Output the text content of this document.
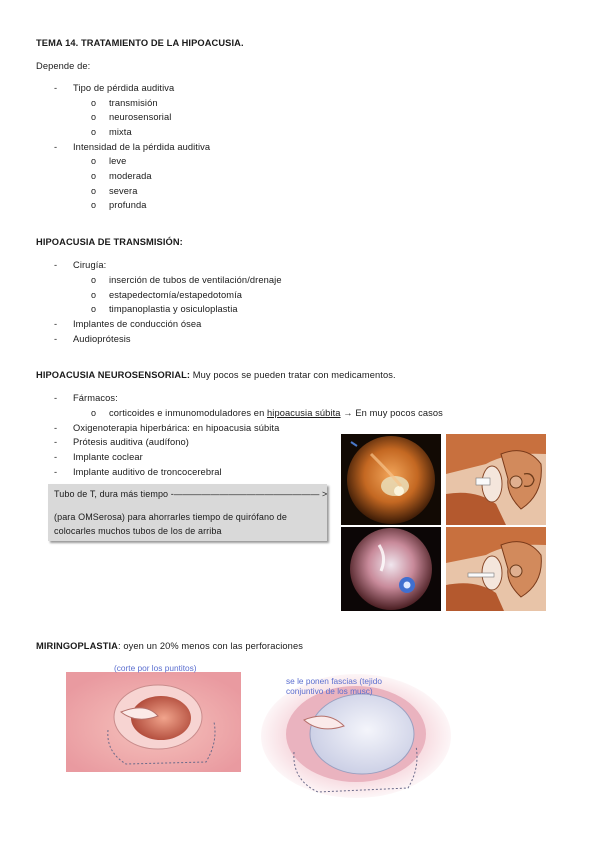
TEMA 14. TRATAMIENTO DE LA HIPOACUSIA.
Depende de:
- Tipo de pérdida auditiva
o transmisión
o neurosensorial
o mixta
- Intensidad de la pérdida auditiva
o leve
o moderada
o severa
o profunda
HIPOACUSIA DE TRANSMISIÓN:
- Cirugía:
o inserción de tubos de ventilación/drenaje
o estapedectomía/estapedotomía
o timpanoplastia y osiculoplastia
- Implantes de conducción ósea
- Audioprótesis
HIPOACUSIA NEUROSENSORIAL: Muy pocos se pueden tratar con medicamentos.
- Fármacos:
o corticoides e inmunomoduladores en hipoacusia súbita → En muy pocos casos
- Oxigenoterapia hiperbárica: en hipoacusia súbita
- Prótesis auditiva (audífono)
- Implante coclear
- Implante auditivo de troncocerebral
Tubo de T, dura más tiempo -———————————————— >
(para OMSerosa) para ahorrarles tiempo de quirófano de
colocarles muchos tubos de los de arriba
MIRINGOPLASTIA: oyen un 20% menos con las perforaciones
(corte por los puntitos)
se le ponen fascias (tejido
conjuntivo de los musc)
